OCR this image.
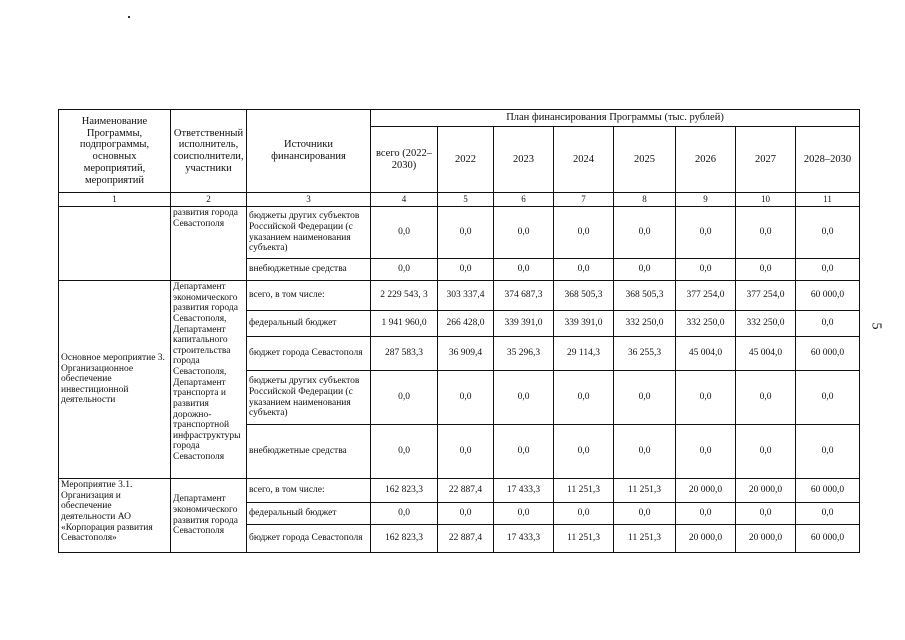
5
Наименование Программы, подпрограммы, основных мероприятий, мероприятий	Ответственный исполнитель, соисполнители, участники	Источники финансирования	План финансирования Программы (тыс. рублей)							
			всего (2022–2030)	2022	2023	2024	2025	2026	2027	2028–2030
1	2	3	4	5	6	7	8	9	10	11
	развития города Севастополя	бюджеты других субъектов Российской Федерации (с указанием наименования субъекта)	0,0	0,0	0,0	0,0	0,0	0,0	0,0	0,0
		внебюджетные средства	0,0	0,0	0,0	0,0	0,0	0,0	0,0	0,0
Основное мероприятие 3. Организационное обеспечение инвестиционной деятельности	Департамент экономического развития города Севастополя, Департамент капитального строительства города Севастополя, Департамент транспорта и развития дорожно-транспортной инфраструктуры города Севастополя	всего, в том числе:	2 229 543, 3	303 337,4	374 687,3	368 505,3	368 505,3	377 254,0	377 254,0	60 000,0
		федеральный бюджет	1 941 960,0	266 428,0	339 391,0	339 391,0	332 250,0	332 250,0	332 250,0	0,0
		бюджет города Севастополя	287 583,3	36 909,4	35 296,3	29 114,3	36 255,3	45 004,0	45 004,0	60 000,0
		бюджеты других субъектов Российской Федерации (с указанием наименования субъекта)	0,0	0,0	0,0	0,0	0,0	0,0	0,0	0,0
		внебюджетные средства	0,0	0,0	0,0	0,0	0,0	0,0	0,0	0,0
Мероприятие 3.1. Организация и обеспечение деятельности АО «Корпорация развития Севастополя»	Департамент экономического развития города Севастополя	всего, в том числе:	162 823,3	22 887,4	17 433,3	11 251,3	11 251,3	20 000,0	20 000,0	60 000,0
		федеральный бюджет	0,0	0,0	0,0	0,0	0,0	0,0	0,0	0,0
		бюджет города Севастополя	162 823,3	22 887,4	17 433,3	11 251,3	11 251,3	20 000,0	20 000,0	60 000,0
